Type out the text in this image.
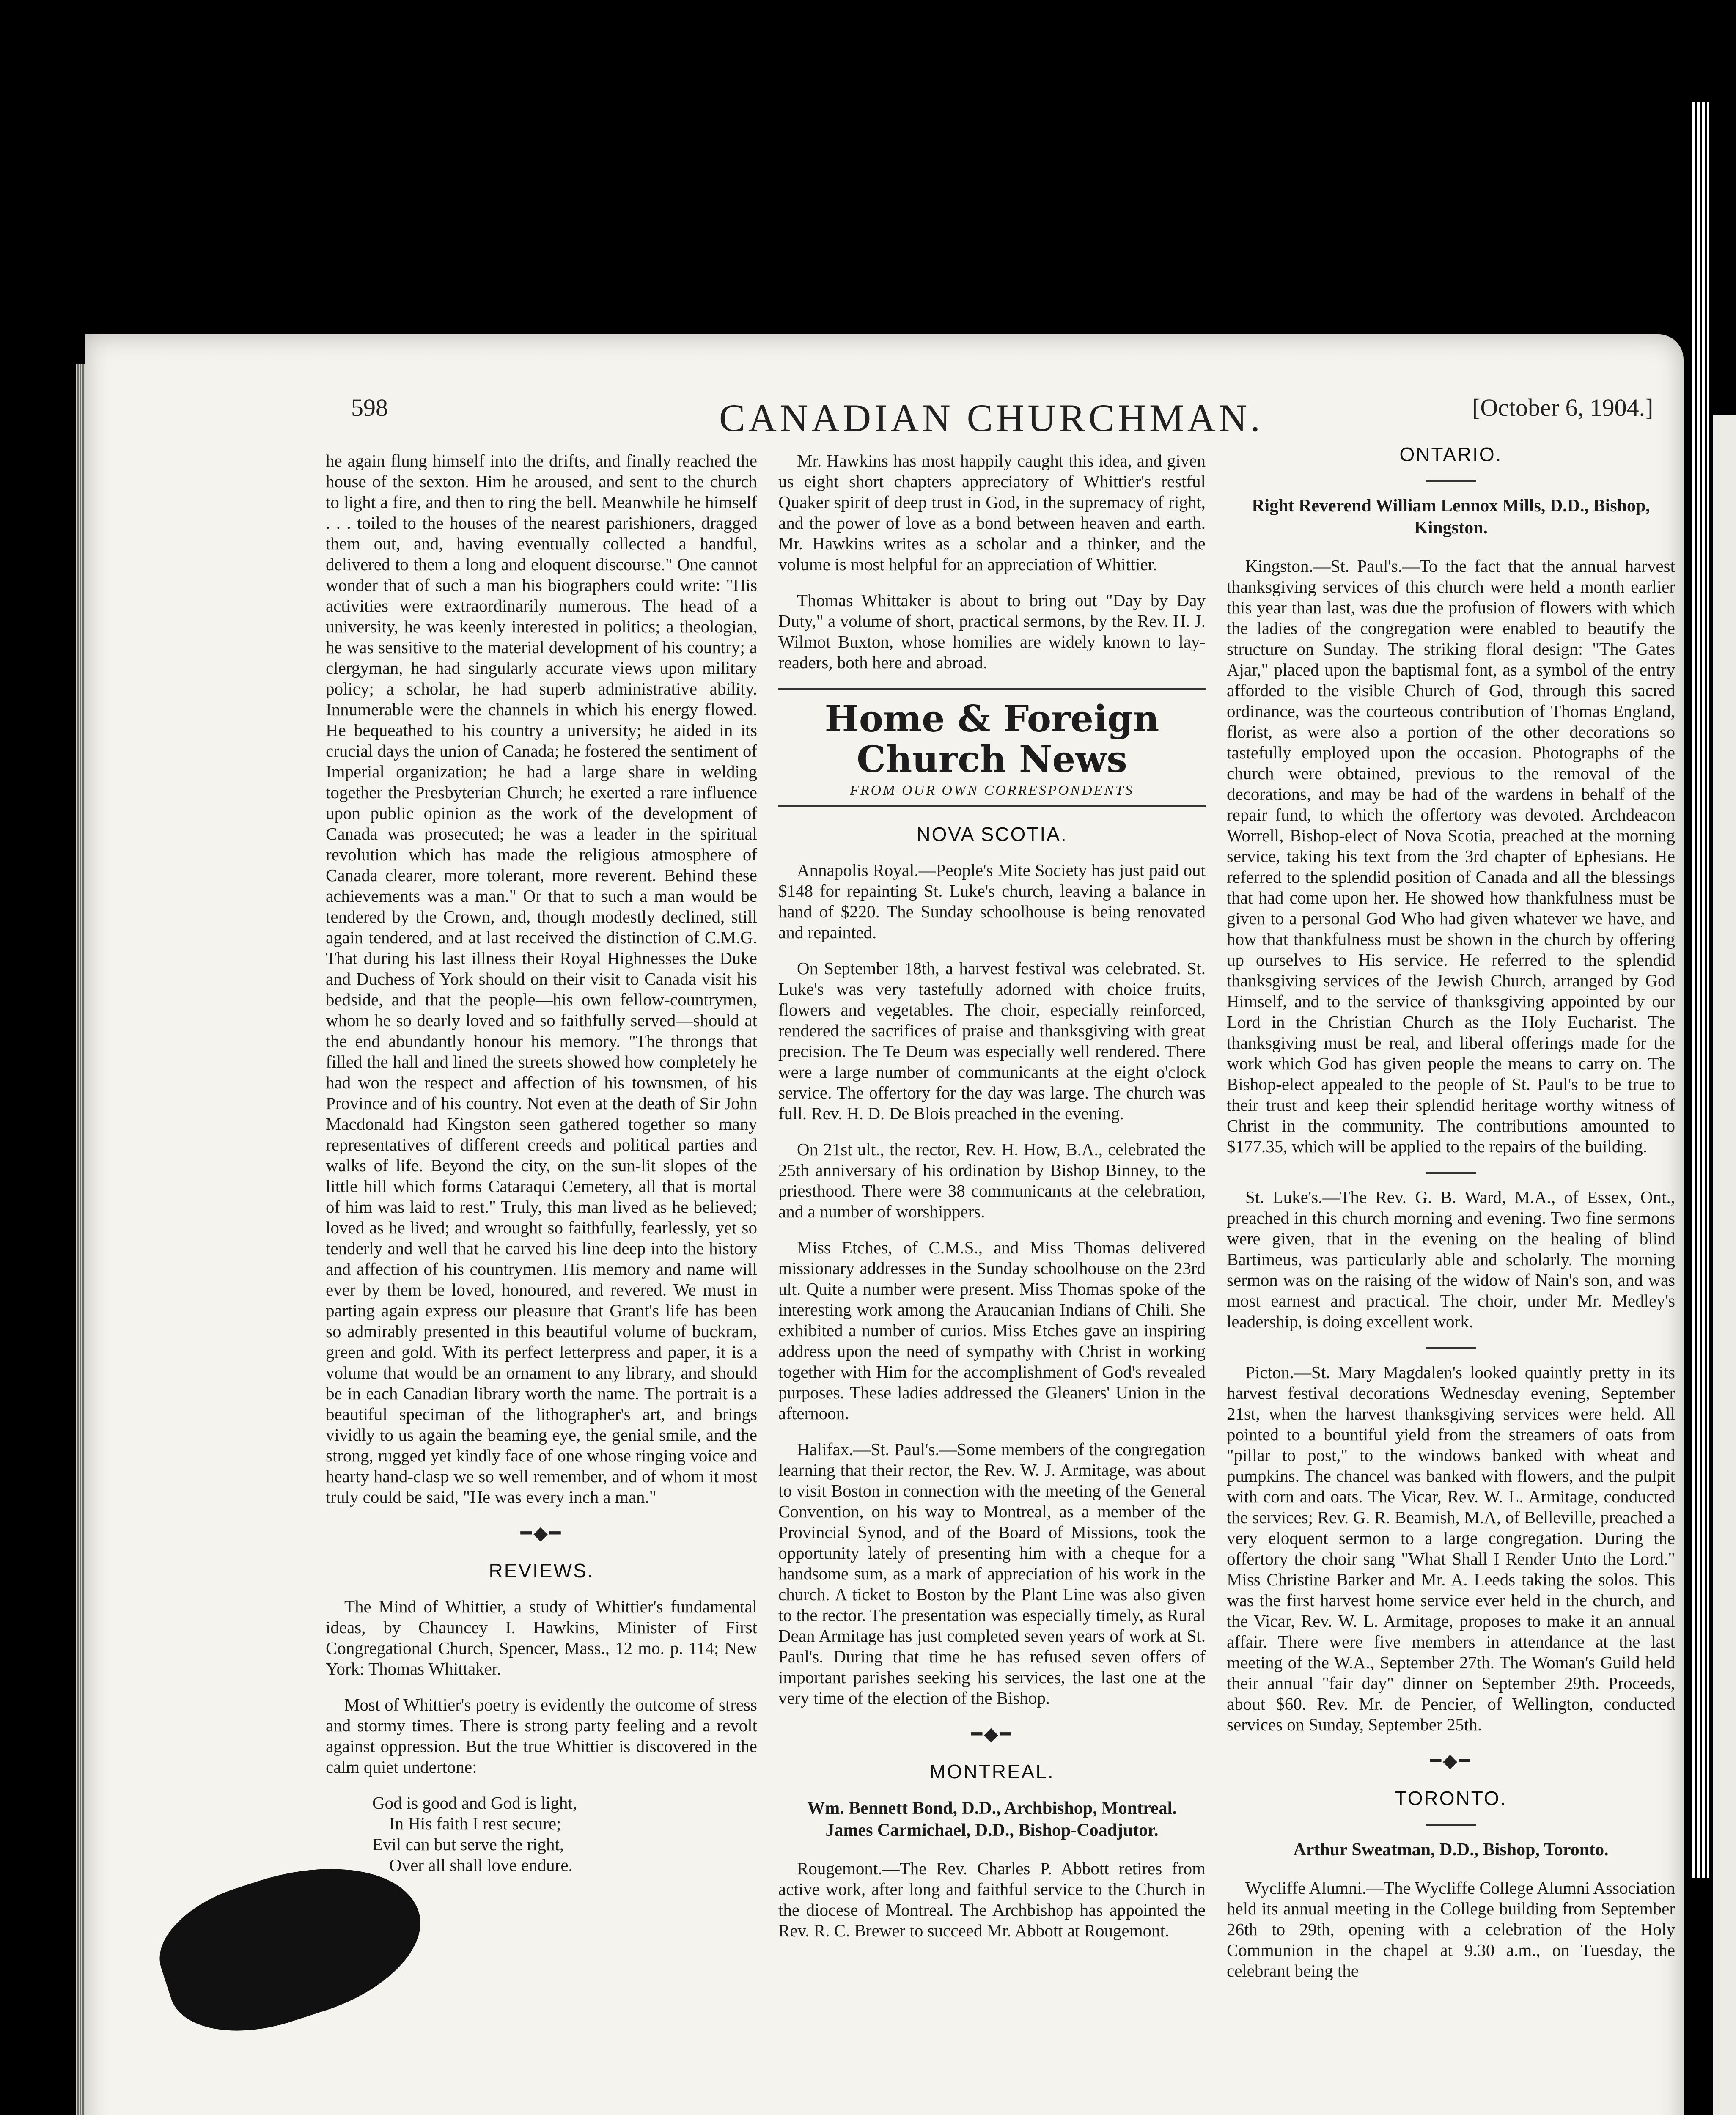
598	CANADIAN CHURCHMAN.	[October 6, 1904.]

he again flung himself into the drifts, and finally reached the house of the sexton. Him he aroused, and sent to the church to light a fire, and then to ring the bell. Meanwhile he himself . . . toiled to the houses of the nearest parishioners, dragged them out, and, having eventually collected a handful, delivered to them a long and eloquent discourse." One cannot wonder that of such a man his biographers could write: "His activities were extraordinarily numerous. The head of a university, he was keenly interested in politics; a theologian, he was sensitive to the material development of his country; a clergyman, he had singularly accurate views upon military policy; a scholar, he had superb administrative ability. Innumerable were the channels in which his energy flowed. He bequeathed to his country a university; he aided in its crucial days the union of Canada; he fostered the sentiment of Imperial organization; he had a large share in welding together the Presbyterian Church; he exerted a rare influence upon public opinion as the work of the development of Canada was prosecuted; he was a leader in the spiritual revolution which has made the religious atmosphere of Canada clearer, more tolerant, more reverent. Behind these achievements was a man." Or that to such a man would be tendered by the Crown, and, though modestly declined, still again tendered, and at last received the distinction of C.M.G. That during his last illness their Royal Highnesses the Duke and Duchess of York should on their visit to Canada visit his bedside, and that the people—his own fellow-countrymen, whom he so dearly loved and so faithfully served—should at the end abundantly honour his memory. "The throngs that filled the hall and lined the streets showed how completely he had won the respect and affection of his townsmen, of his Province and of his country. Not even at the death of Sir John Macdonald had Kingston seen gathered together so many representatives of different creeds and political parties and walks of life. Beyond the city, on the sun-lit slopes of the little hill which forms Cataraqui Cemetery, all that is mortal of him was laid to rest." Truly, this man lived as he believed; loved as he lived; and wrought so faithfully, fearlessly, yet so tenderly and well that he carved his line deep into the history and affection of his countrymen. His memory and name will ever by them be loved, honoured, and revered. We must in parting again express our pleasure that Grant's life has been so admirably presented in this beautiful volume of buckram, green and gold. With its perfect letterpress and paper, it is a volume that would be an ornament to any library, and should be in each Canadian library worth the name. The portrait is a beautiful speciman of the lithographer's art, and brings vividly to us again the beaming eye, the genial smile, and the strong, rugged yet kindly face of one whose ringing voice and hearty hand-clasp we so well remember, and of whom it most truly could be said, "He was every inch a man."

━◆━
REVIEWS.

The Mind of Whittier, a study of Whittier's fundamental ideas, by Chauncey I. Hawkins, Minister of First Congregational Church, Spencer, Mass., 12 mo. p. 114; New York: Thomas Whittaker.

Most of Whittier's poetry is evidently the outcome of stress and stormy times. There is strong party feeling and a revolt against oppression. But the true Whittier is discovered in the calm quiet undertone:

God is good and God is light,
In His faith I rest secure;
Evil can but serve the right,
Over all shall love endure.

Mr. Hawkins has most happily caught this idea, and given us eight short chapters appreciatory of Whittier's restful Quaker spirit of deep trust in God, in the supremacy of right, and the power of love as a bond between heaven and earth. Mr. Hawkins writes as a scholar and a thinker, and the volume is most helpful for an appreciation of Whittier.

Thomas Whittaker is about to bring out "Day by Day Duty," a volume of short, practical sermons, by the Rev. H. J. Wilmot Buxton, whose homilies are widely known to lay-readers, both here and abroad.

Home & Foreign Church News
FROM OUR OWN CORRESPONDENTS
NOVA SCOTIA.

Annapolis Royal.—People's Mite Society has just paid out $148 for repainting St. Luke's church, leaving a balance in hand of $220. The Sunday schoolhouse is being renovated and repainted.

On September 18th, a harvest festival was celebrated. St. Luke's was very tastefully adorned with choice fruits, flowers and vegetables. The choir, especially reinforced, rendered the sacrifices of praise and thanksgiving with great precision. The Te Deum was especially well rendered. There were a large number of communicants at the eight o'clock service. The offertory for the day was large. The church was full. Rev. H. D. De Blois preached in the evening.

On 21st ult., the rector, Rev. H. How, B.A., celebrated the 25th anniversary of his ordination by Bishop Binney, to the priesthood. There were 38 communicants at the celebration, and a number of worshippers.

Miss Etches, of C.M.S., and Miss Thomas delivered missionary addresses in the Sunday schoolhouse on the 23rd ult. Quite a number were present. Miss Thomas spoke of the interesting work among the Araucanian Indians of Chili. She exhibited a number of curios. Miss Etches gave an inspiring address upon the need of sympathy with Christ in working together with Him for the accomplishment of God's revealed purposes. These ladies addressed the Gleaners' Union in the afternoon.

Halifax.—St. Paul's.—Some members of the congregation learning that their rector, the Rev. W. J. Armitage, was about to visit Boston in connection with the meeting of the General Convention, on his way to Montreal, as a member of the Provincial Synod, and of the Board of Missions, took the opportunity lately of presenting him with a cheque for a handsome sum, as a mark of appreciation of his work in the church. A ticket to Boston by the Plant Line was also given to the rector. The presentation was especially timely, as Rural Dean Armitage has just completed seven years of work at St. Paul's. During that time he has refused seven offers of important parishes seeking his services, the last one at the very time of the election of the Bishop.

━◆━
MONTREAL.
Wm. Bennett Bond, D.D., Archbishop, Montreal.
James Carmichael, D.D., Bishop-Coadjutor.

Rougemont.—The Rev. Charles P. Abbott retires from active work, after long and faithful service to the Church in the diocese of Montreal. The Archbishop has appointed the Rev. R. C. Brewer to succeed Mr. Abbott at Rougemont.

ONTARIO.
Right Reverend William Lennox Mills, D.D., Bishop, Kingston.

Kingston.—St. Paul's.—To the fact that the annual harvest thanksgiving services of this church were held a month earlier this year than last, was due the profusion of flowers with which the ladies of the congregation were enabled to beautify the structure on Sunday. The striking floral design: "The Gates Ajar," placed upon the baptismal font, as a symbol of the entry afforded to the visible Church of God, through this sacred ordinance, was the courteous contribution of Thomas England, florist, as were also a portion of the other decorations so tastefully employed upon the occasion. Photographs of the church were obtained, previous to the removal of the decorations, and may be had of the wardens in behalf of the repair fund, to which the offertory was devoted. Archdeacon Worrell, Bishop-elect of Nova Scotia, preached at the morning service, taking his text from the 3rd chapter of Ephesians. He referred to the splendid position of Canada and all the blessings that had come upon her. He showed how thankfulness must be given to a personal God Who had given whatever we have, and how that thankfulness must be shown in the church by offering up ourselves to His service. He referred to the splendid thanksgiving services of the Jewish Church, arranged by God Himself, and to the service of thanksgiving appointed by our Lord in the Christian Church as the Holy Eucharist. The thanksgiving must be real, and liberal offerings made for the work which God has given people the means to carry on. The Bishop-elect appealed to the people of St. Paul's to be true to their trust and keep their splendid heritage worthy witness of Christ in the community. The contributions amounted to $177.35, which will be applied to the repairs of the building.

St. Luke's.—The Rev. G. B. Ward, M.A., of Essex, Ont., preached in this church morning and evening. Two fine sermons were given, that in the evening on the healing of blind Bartimeus, was particularly able and scholarly. The morning sermon was on the raising of the widow of Nain's son, and was most earnest and practical. The choir, under Mr. Medley's leadership, is doing excellent work.

Picton.—St. Mary Magdalen's looked quaintly pretty in its harvest festival decorations Wednesday evening, September 21st, when the harvest thanksgiving services were held. All pointed to a bountiful yield from the streamers of oats from "pillar to post," to the windows banked with wheat and pumpkins. The chancel was banked with flowers, and the pulpit with corn and oats. The Vicar, Rev. W. L. Armitage, conducted the services; Rev. G. R. Beamish, M.A, of Belleville, preached a very eloquent sermon to a large congregation. During the offertory the choir sang "What Shall I Render Unto the Lord." Miss Christine Barker and Mr. A. Leeds taking the solos. This was the first harvest home service ever held in the church, and the Vicar, Rev. W. L. Armitage, proposes to make it an annual affair. There were five members in attendance at the last meeting of the W.A., September 27th. The Woman's Guild held their annual "fair day" dinner on September 29th. Proceeds, about $60. Rev. Mr. de Pencier, of Wellington, conducted services on Sunday, September 25th.

━◆━
TORONTO.
Arthur Sweatman, D.D., Bishop, Toronto.

Wycliffe Alumni.—The Wycliffe College Alumni Association held its annual meeting in the College building from September 26th to 29th, opening with a celebration of the Holy Communion in the chapel at 9.30 a.m., on Tuesday, the celebrant being the
